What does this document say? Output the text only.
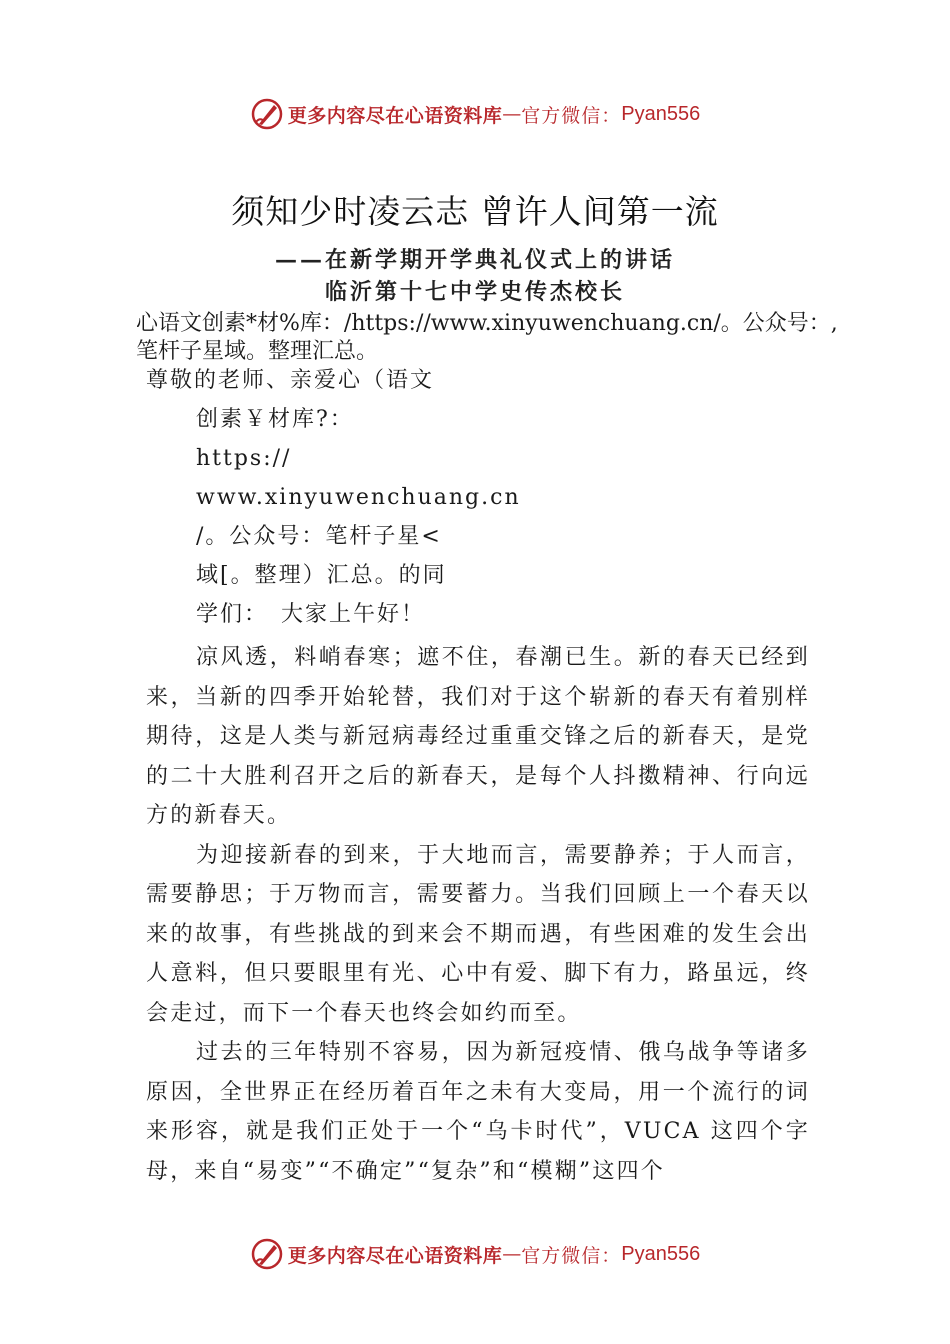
更多内容尽在心语资料库 — 官方微信： Pyan556
须知少时凌云志 曾许人间第一流
——在新学期开学典礼仪式上的讲话
临沂第十七中学史传杰校长
心语文创素*材%库：/https://www.xinyuwenchuang.cn/。公众号：,笔杆子星域。整理汇总。
尊敬的老师、亲爱心（语文
创素￥材库?：
https://
www.xinyuwenchuang.cn
/。公众号：笔杆子星<
域[。整理）汇总。的同
学们：　大家上午好！

凉风透，料峭春寒；遮不住，春潮已生。新的春天已经到来，当新的四季开始轮替，我们对于这个崭新的春天有着别样期待，这是人类与新冠病毒经过重重交锋之后的新春天，是党的二十大胜利召开之后的新春天，是每个人抖擞精神、行向远方的新春天。

为迎接新春的到来，于大地而言，需要静养；于人而言，需要静思；于万物而言，需要蓄力。当我们回顾上一个春天以来的故事，有些挑战的到来会不期而遇，有些困难的发生会出人意料，但只要眼里有光、心中有爱、脚下有力，路虽远，终会走过，而下一个春天也终会如约而至。

过去的三年特别不容易，因为新冠疫情、俄乌战争等诸多原因，全世界正在经历着百年之未有大变局，用一个流行的词来形容，就是我们正处于一个“乌卡时代”，VUCA 这四个字母，来自“易变”“不确定”“复杂”和“模糊”这四个

更多内容尽在心语资料库 — 官方微信： Pyan556
